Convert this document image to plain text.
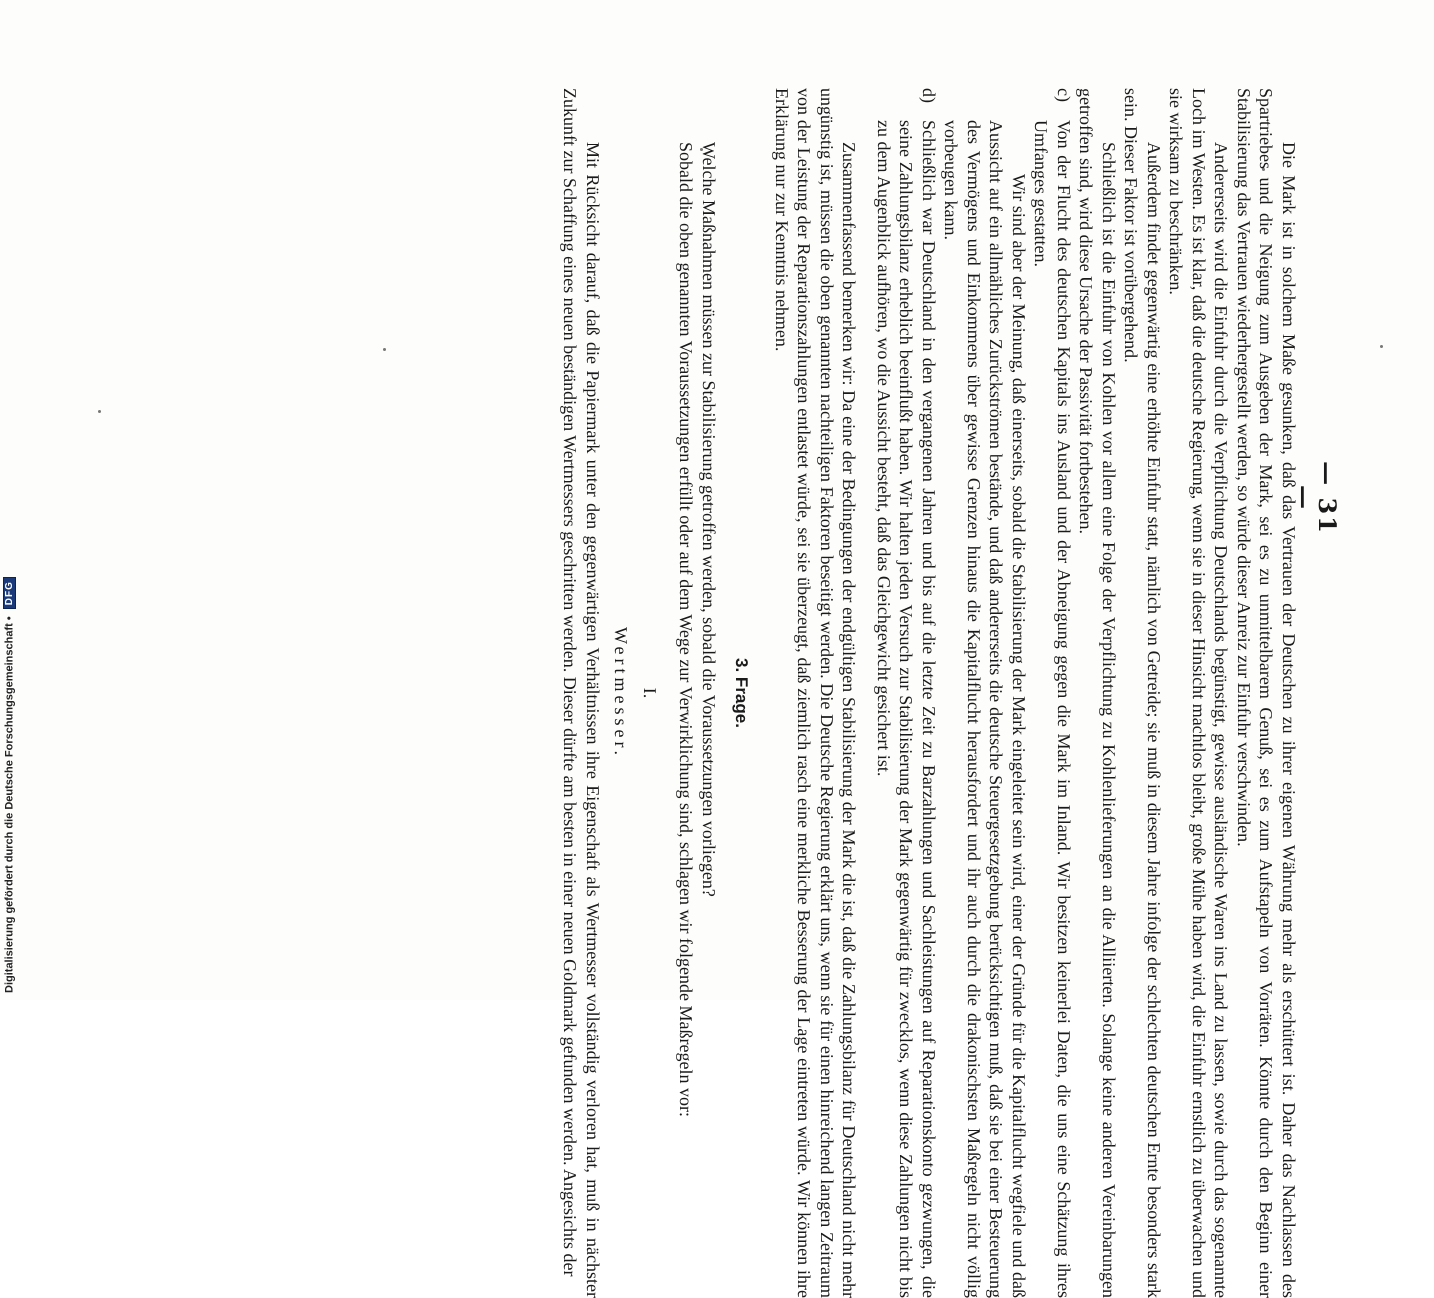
— 31 —

Die Mark ist in solchem Maße gesunken, daß das Vertrauen der Deutschen zu ihrer eigenen Währung mehr als erschüttert ist. Daher das Nachlassen des Spartriebes und die Neigung zum Ausgeben der Mark, sei es zu unmittelbarem Genuß, sei es zum Aufstapeln von Vorräten. Könnte durch den Beginn einer Stabilisierung das Vertrauen wiederhergestellt werden, so würde dieser Anreiz zur Einfuhr verschwinden.

Andererseits wird die Einfuhr durch die Verpflichtung Deutschlands begünstigt, gewisse ausländische Waren ins Land zu lassen, sowie durch das sogenannte Loch im Westen. Es ist klar, daß die deutsche Regierung, wenn sie in dieser Hinsicht machtlos bleibt, große Mühe haben wird, die Einfuhr ernstlich zu überwachen und sie wirksam zu beschränken.

Außerdem findet gegenwärtig eine erhöhte Einfuhr statt, nämlich von Getreide; sie muß in diesem Jahre infolge der schlechten deutschen Ernte besonders stark sein. Dieser Faktor ist vorübergehend.

Schließlich ist die Einfuhr von Kohlen vor allem eine Folge der Verpflichtung zu Kohlenlieferungen an die Alliierten. Solange keine anderen Vereinbarungen getroffen sind, wird diese Ursache der Passivität fortbestehen.

c)

Von der Flucht des deutschen Kapitals ins Ausland und der Abneigung gegen die Mark im Inland. Wir besitzen keinerlei Daten, die uns eine Schätzung ihres Umfanges gestatten.

Wir sind aber der Meinung, daß einerseits, sobald die Stabilisierung der Mark eingeleitet sein wird, einer der Gründe für die Kapitalflucht wegfiele und daß Aussicht auf ein allmähliches Zurückströmen bestände, und daß andererseits die deutsche Steuergesetzgebung berücksichtigen muß, daß sie bei einer Besteuerung des Vermögens und Einkommens über gewisse Grenzen hinaus die Kapitalflucht herausfordert und ihr auch durch die drakonischsten Maßregeln nicht völlig vorbeugen kann.

d)

Schließlich war Deutschland in den vergangenen Jahren und bis auf die letzte Zeit zu Barzahlungen und Sachleistungen auf Reparationskonto gezwungen, die seine Zahlungsbilanz erheblich beeinflußt haben. Wir halten jeden Versuch zur Stabilisierung der Mark gegenwärtig für zwecklos, wenn diese Zahlungen nicht bis zu dem Augenblick aufhören, wo die Aussicht besteht, daß das Gleichgewicht gesichert ist.

Zusammenfassend bemerken wir: Da eine der Bedingungen der endgültigen Stabilisierung der Mark die ist, daß die Zahlungsbilanz für Deutschland nicht mehr ungünstig ist, müssen die oben genannten nachteiligen Faktoren beseitigt werden. Die Deutsche Regierung erklärt uns, wenn sie für einen hinreichend langen Zeitraum von der Leistung der Reparationszahlungen entlastet würde, sei sie überzeugt, daß ziemlich rasch eine merkliche Besserung der Lage eintreten würde. Wir können ihre Erklärung nur zur Kenntnis nehmen.

3. Frage.

Welche Maßnahmen müssen zur Stabilisierung getroffen werden, sobald die Voraussetzungen vorliegen?

Sobald die oben genannten Voraussetzungen erfüllt oder auf dem Wege zur Verwirklichung sind, schlagen wir folgende Maßregeln vor:

I.
Wertmesser.

Mit Rücksicht darauf, daß die Papiermark unter den gegenwärtigen Verhältnissen ihre Eigenschaft als Wertmesser vollständig verloren hat, muß in nächster Zukunft zur Schaffung eines neuen beständigen Wertmessers geschritten werden. Dieser dürfte am besten in einer neuen Goldmark gefunden werden. Angesichts der

Digitalisierung gefördert durch die Deutsche Forschungsgemeinschaft • DFG
